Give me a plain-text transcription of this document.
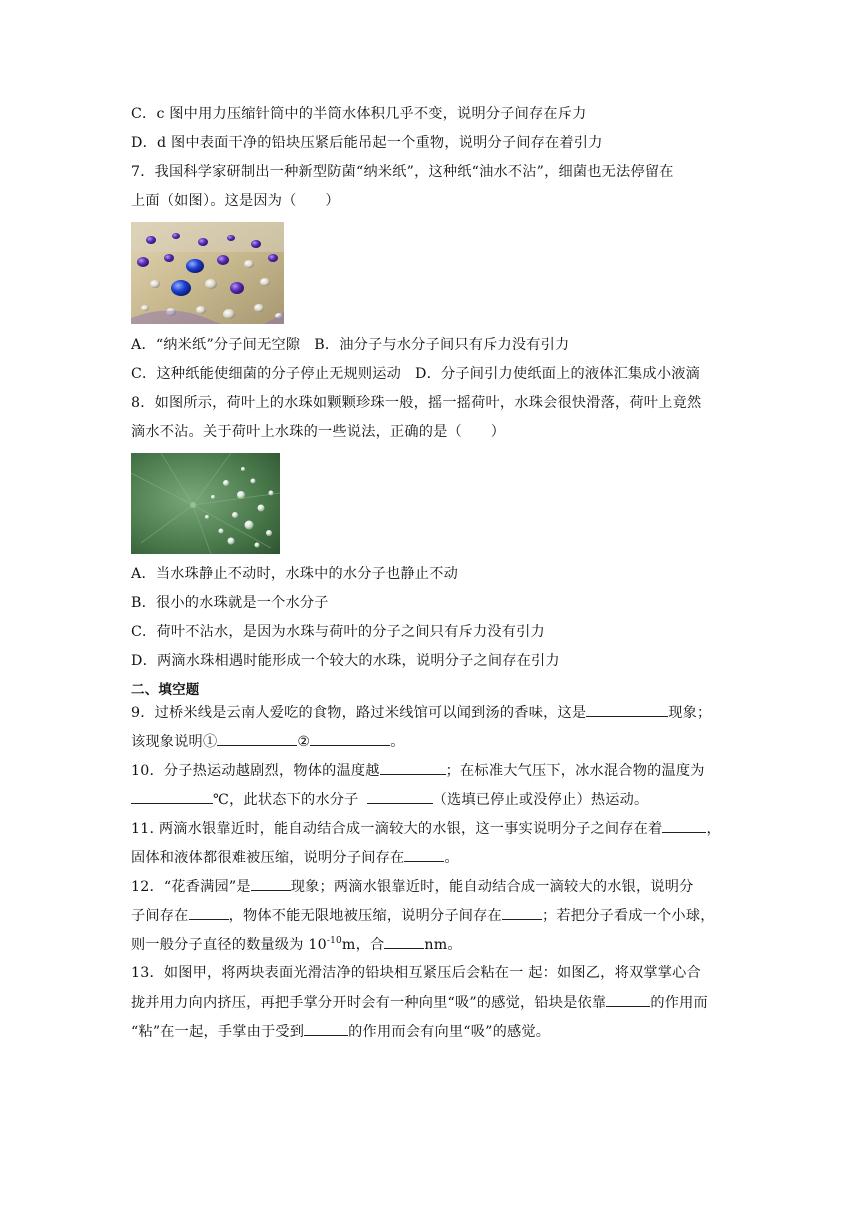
C．c 图中用力压缩针筒中的半筒水体积几乎不变，说明分子间存在斥力
D．d 图中表面干净的铅块压紧后能吊起一个重物，说明分子间存在着引力
7．我国科学家研制出一种新型防菌“纳米纸”，这种纸“油水不沾”，细菌也无法停留在
上面（如图）。这是因为（　　）
A．“纳米纸”分子间无空隙 B．油分子与水分子间只有斥力没有引力
C．这种纸能使细菌的分子停止无规则运动 D．分子间引力使纸面上的液体汇集成小液滴
8．如图所示，荷叶上的水珠如颗颗珍珠一般，摇一摇荷叶，水珠会很快滑落，荷叶上竟然
滴水不沾。关于荷叶上水珠的一些说法，正确的是（　　）
A．当水珠静止不动时，水珠中的水分子也静止不动
B．很小的水珠就是一个水分子
C．荷叶不沾水，是因为水珠与荷叶的分子之间只有斥力没有引力
D．两滴水珠相遇时能形成一个较大的水珠，说明分子之间存在引力
二、填空题
9．过桥米线是云南人爱吃的食物，路过米线馆可以闻到汤的香味，这是	现象；
该现象说明①	②	。
10．分子热运动越剧烈，物体的温度越	；在标准大气压下，冰水混合物的温度为
℃，此状态下的水分子	（选填已停止或没停止）热运动。
11. 两滴水银靠近时，能自动结合成一滴较大的水银，这一事实说明分子之间存在着	，
固体和液体都很难被压缩，说明分子间存在	。
12．“花香满园”是	现象；两滴水银靠近时，能自动结合成一滴较大的水银，说明分
子间存在	，物体不能无限地被压缩，说明分子间存在	；若把分子看成一个小球，
则一般分子直径的数量级为 $10^{-10}m$，合	nm。
13．如图甲，将两块表面光滑洁净的铅块相互紧压后会粘在一 起：如图乙，将双掌掌心合
拢并用力向内挤压，再把手掌分开时会有一种向里“吸”的感觉，铅块是依靠	的作用而
“粘”在一起，手掌由于受到	的作用而会有向里“吸”的感觉。
